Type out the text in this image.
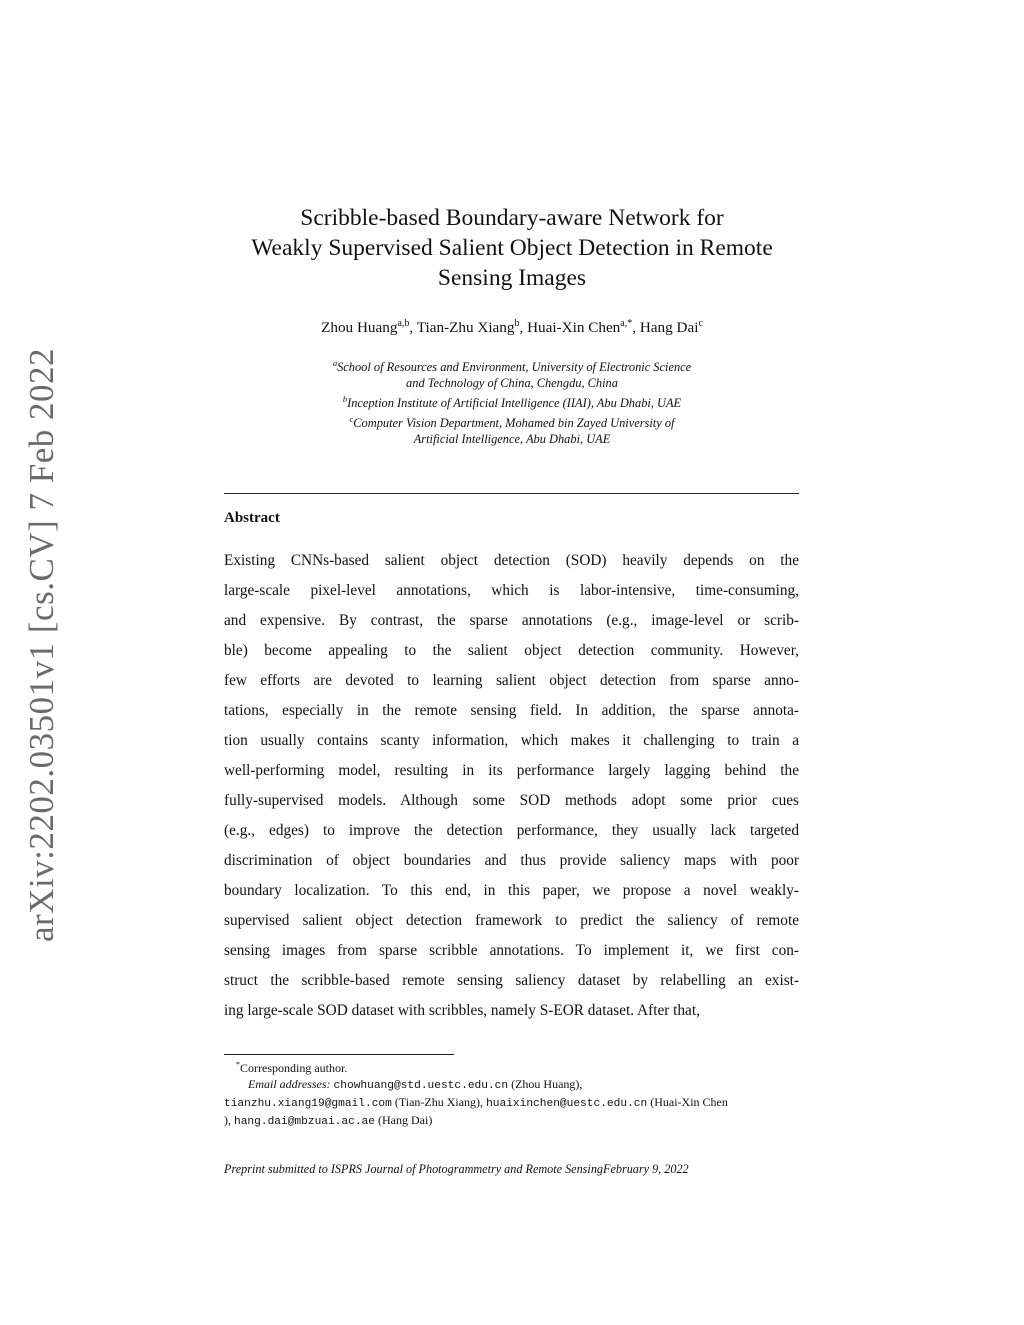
arXiv:2202.03501v1 [cs.CV] 7 Feb 2022
Scribble-based Boundary-aware Network for
Weakly Supervised Salient Object Detection in Remote
Sensing Images
Zhou Huang$^{a,b}$, Tian-Zhu Xiang$^b$, Huai-Xin Chen$^{a,*}$, Hang Dai$^c$
$^a$School of Resources and Environment, University of Electronic Science
and Technology of China, Chengdu, China
$^b$Inception Institute of Artificial Intelligence (IIAI), Abu Dhabi, UAE
$^c$Computer Vision Department, Mohamed bin Zayed University of
Artificial Intelligence, Abu Dhabi, UAE
Abstract
Existing CNNs-based salient object detection (SOD) heavily depends on the
large-scale pixel-level annotations, which is labor-intensive, time-consuming,
and expensive. By contrast, the sparse annotations (e.g., image-level or scrib-
ble) become appealing to the salient object detection community. However,
few efforts are devoted to learning salient object detection from sparse anno-
tations, especially in the remote sensing field. In addition, the sparse annota-
tion usually contains scanty information, which makes it challenging to train a
well-performing model, resulting in its performance largely lagging behind the
fully-supervised models. Although some SOD methods adopt some prior cues
(e.g., edges) to improve the detection performance, they usually lack targeted
discrimination of object boundaries and thus provide saliency maps with poor
boundary localization. To this end, in this paper, we propose a novel weakly-
supervised salient object detection framework to predict the saliency of remote
sensing images from sparse scribble annotations. To implement it, we first con-
struct the scribble-based remote sensing saliency dataset by relabelling an exist-
ing large-scale SOD dataset with scribbles, namely S-EOR dataset. After that,
 *Corresponding author.
  Email addresses: chowhuang@std.uestc.edu.cn (Zhou Huang),
tianzhu.xiang19@gmail.com (Tian-Zhu Xiang), huaixinchen@uestc.edu.cn (Huai-Xin Chen
), hang.dai@mbzuai.ac.ae (Hang Dai)
Preprint submitted to ISPRS Journal of Photogrammetry and Remote SensingFebruary 9, 2022
